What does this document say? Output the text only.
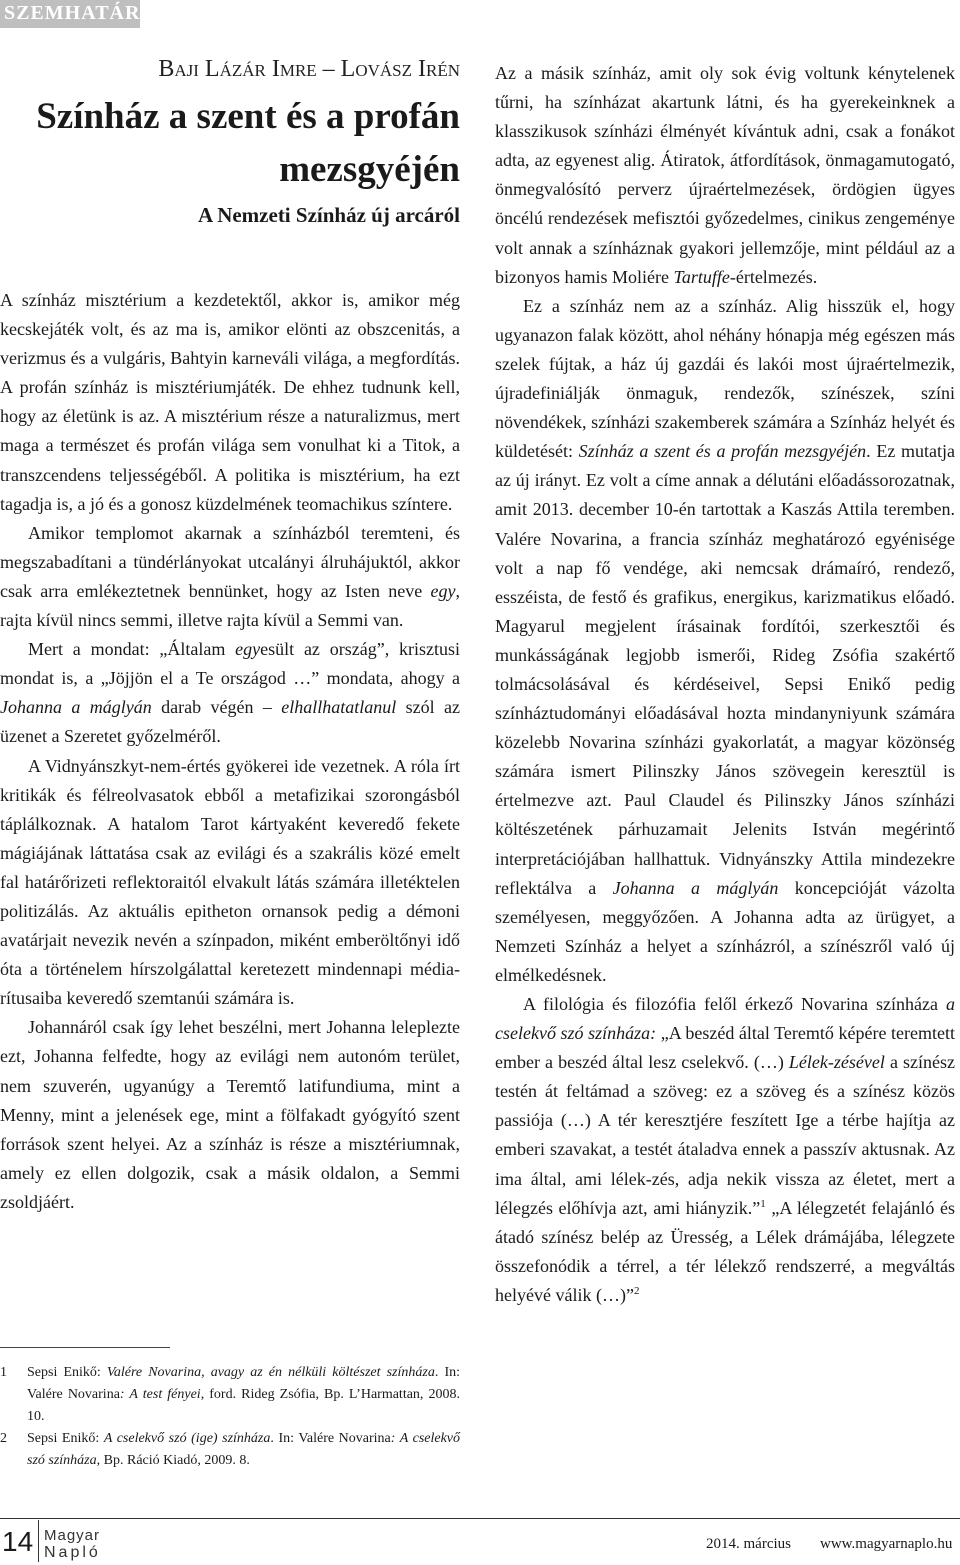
SZEMHATÁR
Baji Lázár Imre – Lovász Irén
Színház a szent és a profán mezsgyéjén
A Nemzeti Színház új arcáról

A színház misztérium a kezdetektől, akkor is, amikor még kecskejáték volt, és az ma is, amikor elönti az obszcenitás, a verizmus és a vulgáris, Bahtyin karneváli világa, a megfordítás. A profán színház is misztériumjáték. De ehhez tudnunk kell, hogy az életünk is az. A misztérium része a naturalizmus, mert maga a természet és profán világa sem vonulhat ki a Titok, a transzcendens teljességéből. A politika is misztérium, ha ezt tagadja is, a jó és a gonosz küzdelmének teomachikus színtere.

Amikor templomot akarnak a színházból teremteni, és megszabadítani a tündérlányokat utcalányi álruhájuktól, akkor csak arra emlékeztetnek bennünket, hogy az Isten neve egy, rajta kívül nincs semmi, illetve rajta kívül a Semmi van.

Mert a mondat: „Általam egyesült az ország”, krisztusi mondat is, a „Jöjjön el a Te országod …” mondata, ahogy a Johanna a máglyán darab végén – elhallhatatlanul szól az üzenet a Szeretet győzelméről.

A Vidnyánszkyt-nem-értés gyökerei ide vezetnek. A róla írt kritikák és félreolvasatok ebből a metafizikai szorongásból táplálkoznak. A hatalom Tarot kártyaként keveredő fekete mágiájának láttatása csak az evilági és a szakrális közé emelt fal határőrizeti reflektoraitól elvakult látás számára illetéktelen politizálás. Az aktuális epitheton ornansok pedig a démoni avatárjait nevezik nevén a színpadon, miként emberöltőnyi idő óta a történelem hírszolgálattal keretezett mindennapi média-rítusaiba keveredő szemtanúi számára is.

Johannáról csak így lehet beszélni, mert Johanna leleplezte ezt, Johanna felfedte, hogy az evilági nem autonóm terület, nem szuverén, ugyanúgy a Teremtő latifundiuma, mint a Menny, mint a jelenések ege, mint a fölfakadt gyógyító szent források szent helyei. Az a színház is része a misztériumnak, amely ez ellen dolgozik, csak a másik oldalon, a Semmi zsoldjáért.

1 Sepsi Enikő: Valére Novarina, avagy az én nélküli költészet színháza. In: Valére Novarina: A test fényei, ford. Rideg Zsófia, Bp. L’Harmattan, 2008. 10.

2 Sepsi Enikő: A cselekvő szó (ige) színháza. In: Valére Novarina: A cselekvő szó színháza, Bp. Ráció Kiadó, 2009. 8.

Az a másik színház, amit oly sok évig voltunk kénytelenek tűrni, ha színházat akartunk látni, és ha gyerekeinknek a klasszikusok színházi élményét kívántuk adni, csak a fonákot adta, az egyenest alig. Átiratok, átfordítások, önmagamutogató, önmegvalósító perverz újraértelmezések, ördögien ügyes öncélú rendezések mefisztói győzedelmes, cinikus zengeménye volt annak a színháznak gyakori jellemzője, mint például az a bizonyos hamis Moliére Tartuffe-értelmezés.

Ez a színház nem az a színház. Alig hisszük el, hogy ugyanazon falak között, ahol néhány hónapja még egészen más szelek fújtak, a ház új gazdái és lakói most újraértelmezik, újradefiniálják önmaguk, rendezők, színészek, színi növendékek, színházi szakemberek számára a Színház helyét és küldetését: Színház a szent és a profán mezsgyéjén. Ez mutatja az új irányt. Ez volt a címe annak a délutáni előadássorozatnak, amit 2013. december 10-én tartottak a Kaszás Attila teremben. Valére Novarina, a francia színház meghatározó egyénisége volt a nap fő vendége, aki nemcsak drámaíró, rendező, esszéista, de festő és grafikus, energikus, karizmatikus előadó. Magyarul megjelent írásainak fordítói, szerkesztői és munkásságának legjobb ismerői, Rideg Zsófia szakértő tolmácsolásával és kérdéseivel, Sepsi Enikő pedig színháztudományi előadásával hozta mindanyniyunk számára közelebb Novarina színházi gyakorlatát, a magyar közönség számára ismert Pilinszky János szövegein keresztül is értelmezve azt. Paul Claudel és Pilinszky János színházi költészetének párhuzamait Jelenits István megérintő interpretációjában hallhattuk. Vidnyánszky Attila mindezekre reflektálva a Johanna a máglyán koncepcióját vázolta személyesen, meggyőzően. A Johanna adta az ürügyet, a Nemzeti Színház a helyet a színházról, a színészről való új elmélkedésnek.

A filológia és filozófia felől érkező Novarina színháza a cselekvő szó színháza: „A beszéd által Teremtő képére teremtett ember a beszéd által lesz cselekvő. (…) Lélek-zésével a színész testén át feltámad a szöveg: ez a szöveg és a színész közös passiója (…) A tér keresztjére feszített Ige a térbe hajítja az emberi szavakat, a testét átaladva ennek a passzív aktusnak. Az ima által, ami lélek-zés, adja nekik vissza az életet, mert a lélegzés előhívja azt, ami hiányzik.”$^1$ „A lélegzetét felajánló és átadó színész belép az Üresség, a Lélek drámájába, lélegzete összefonódik a térrel, a tér lélekző rendszerré, a megváltás helyévé válik (…)”$^2$

14 Magyar
Napló	2014. március www.magyarnaplo.hu
